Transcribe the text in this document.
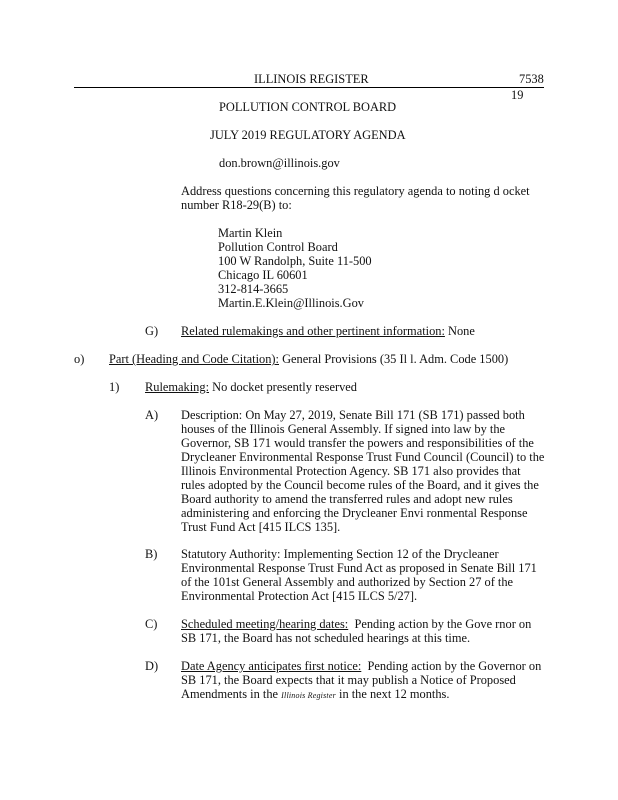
ILLINOIS REGISTER	7538
19
POLLUTION CONTROL BOARD
JULY 2019 REGULATORY AGENDA
don.brown@illinois.gov
Address questions concerning this regulatory agenda to noting d ocket number R18-29(B) to:
Martin Klein
Pollution Control Board
100 W Randolph, Suite 11-500
Chicago IL 60601
312-814-3665
Martin.E.Klein@Illinois.Gov
G) Related rulemakings and other pertinent information: None
o) Part (Heading and Code Citation): General Provisions (35 Il l. Adm. Code 1500)
1) Rulemaking: No docket presently reserved
A) Description: On May 27, 2019, Senate Bill 171 (SB 171) passed both houses of the Illinois General Assembly. If signed into law by the Governor, SB 171 would transfer the powers and responsibilities of the Drycleaner Environmental Response Trust Fund Council (Council) to the Illinois Environmental Protection Agency. SB 171 also provides that rules adopted by the Council become rules of the Board, and it gives the Board authority to amend the transferred rules and adopt new rules administering and enforcing the Drycleaner Envi ronmental Response Trust Fund Act [415 ILCS 135].
B) Statutory Authority: Implementing Section 12 of the Drycleaner Environmental Response Trust Fund Act as proposed in Senate Bill 171 of the 101st General Assembly and authorized by Section 27 of the Environmental Protection Act [415 ILCS 5/27].
C) Scheduled meeting/hearing dates: Pending action by the Gove rnor on SB 171, the Board has not scheduled hearings at this time.
D) Date Agency anticipates first notice: Pending action by the Governor on SB 171, the Board expects that it may publish a Notice of Proposed Amendments in the Illinois Register in the next 12 months.
